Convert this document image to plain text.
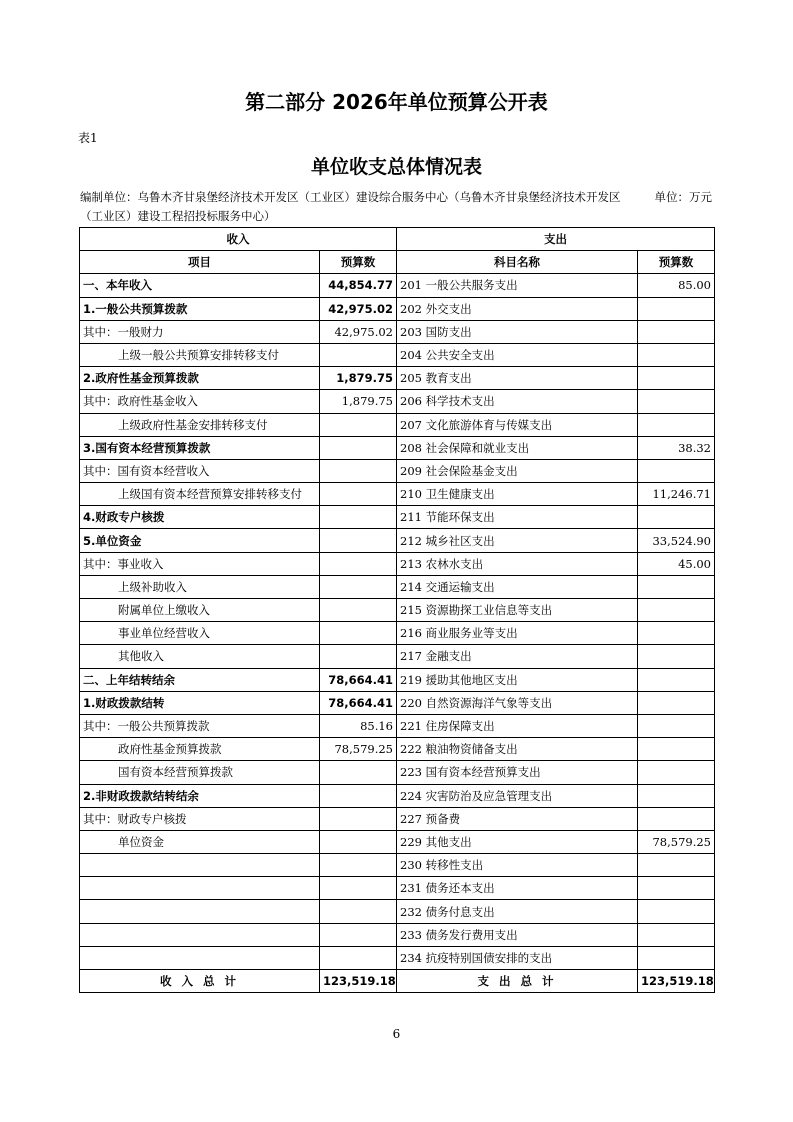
第二部分 2026年单位预算公开表
表1
单位收支总体情况表
编制单位：乌鲁木齐甘泉堡经济技术开发区（工业区）建设综合服务中心（乌鲁木齐甘泉堡经济技术开发区（工业区）建设工程招投标服务中心）
单位：万元
收入		支出	
项目	预算数	科目名称	预算数
一、本年收入	44,854.77	201 一般公共服务支出	85.00
1.一般公共预算拨款	42,975.02	202 外交支出	
其中：一般财力	42,975.02	203 国防支出	
上级一般公共预算安排转移支付		204 公共安全支出	
2.政府性基金预算拨款	1,879.75	205 教育支出	
其中：政府性基金收入	1,879.75	206 科学技术支出	
上级政府性基金安排转移支付		207 文化旅游体育与传媒支出	
3.国有资本经营预算拨款		208 社会保障和就业支出	38.32
其中：国有资本经营收入		209 社会保险基金支出	
上级国有资本经营预算安排转移支付		210 卫生健康支出	11,246.71
4.财政专户核拨		211 节能环保支出	
5.单位资金		212 城乡社区支出	33,524.90
其中：事业收入		213 农林水支出	45.00
上级补助收入		214 交通运输支出	
附属单位上缴收入		215 资源勘探工业信息等支出	
事业单位经营收入		216 商业服务业等支出	
其他收入		217 金融支出	
二、上年结转结余	78,664.41	219 援助其他地区支出	
1.财政拨款结转	78,664.41	220 自然资源海洋气象等支出	
其中：一般公共预算拨款	85.16	221 住房保障支出	
政府性基金预算拨款	78,579.25	222 粮油物资储备支出	
国有资本经营预算拨款		223 国有资本经营预算支出	
2.非财政拨款结转结余		224 灾害防治及应急管理支出	
其中：财政专户核拨		227 预备费	
单位资金		229 其他支出	78,579.25
		230 转移性支出	
		231 债务还本支出	
		232 债务付息支出	
		233 债务发行费用支出	
		234 抗疫特别国债安排的支出	
收 入 总 计	123,519.18	支 出 总 计	123,519.18
6
